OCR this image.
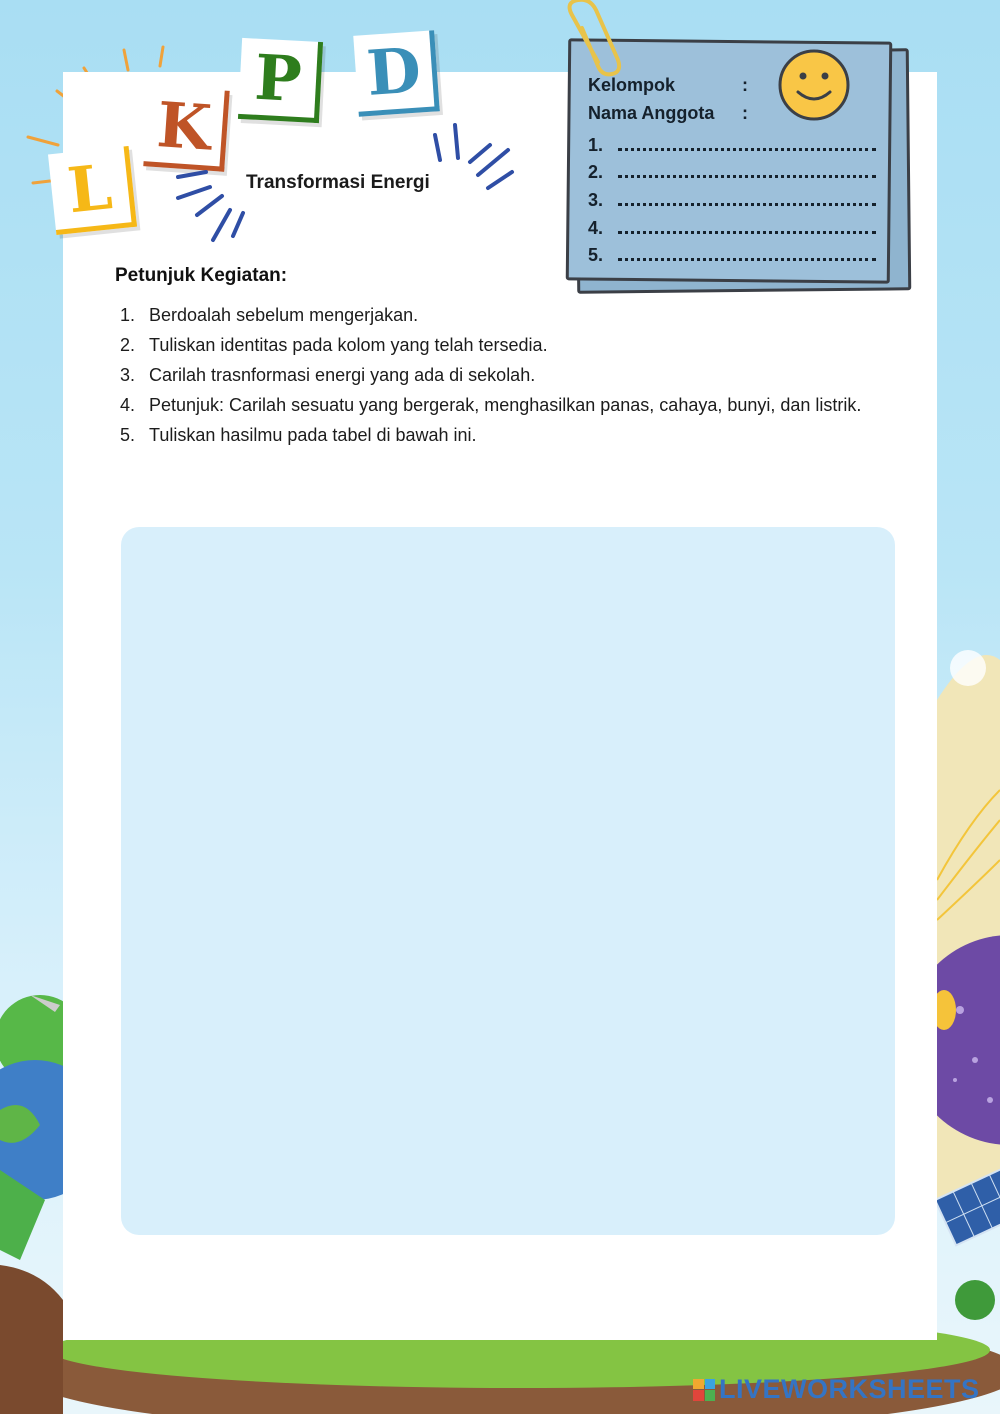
L
K
P D
Transformasi Energi
Kelompok	:
Nama Anggota :
1.
2.
3.
4.
5.
Petunjuk Kegiatan:
1. Berdoalah sebelum mengerjakan.
2. Tuliskan identitas pada kolom yang telah tersedia.
3. Carilah trasnformasi energi yang ada di sekolah.
4. Petunjuk: Carilah sesuatu yang bergerak, menghasilkan panas, cahaya, bunyi, dan listrik.
5. Tuliskan hasilmu pada tabel di bawah ini.
LIVEWORKSHEETS
